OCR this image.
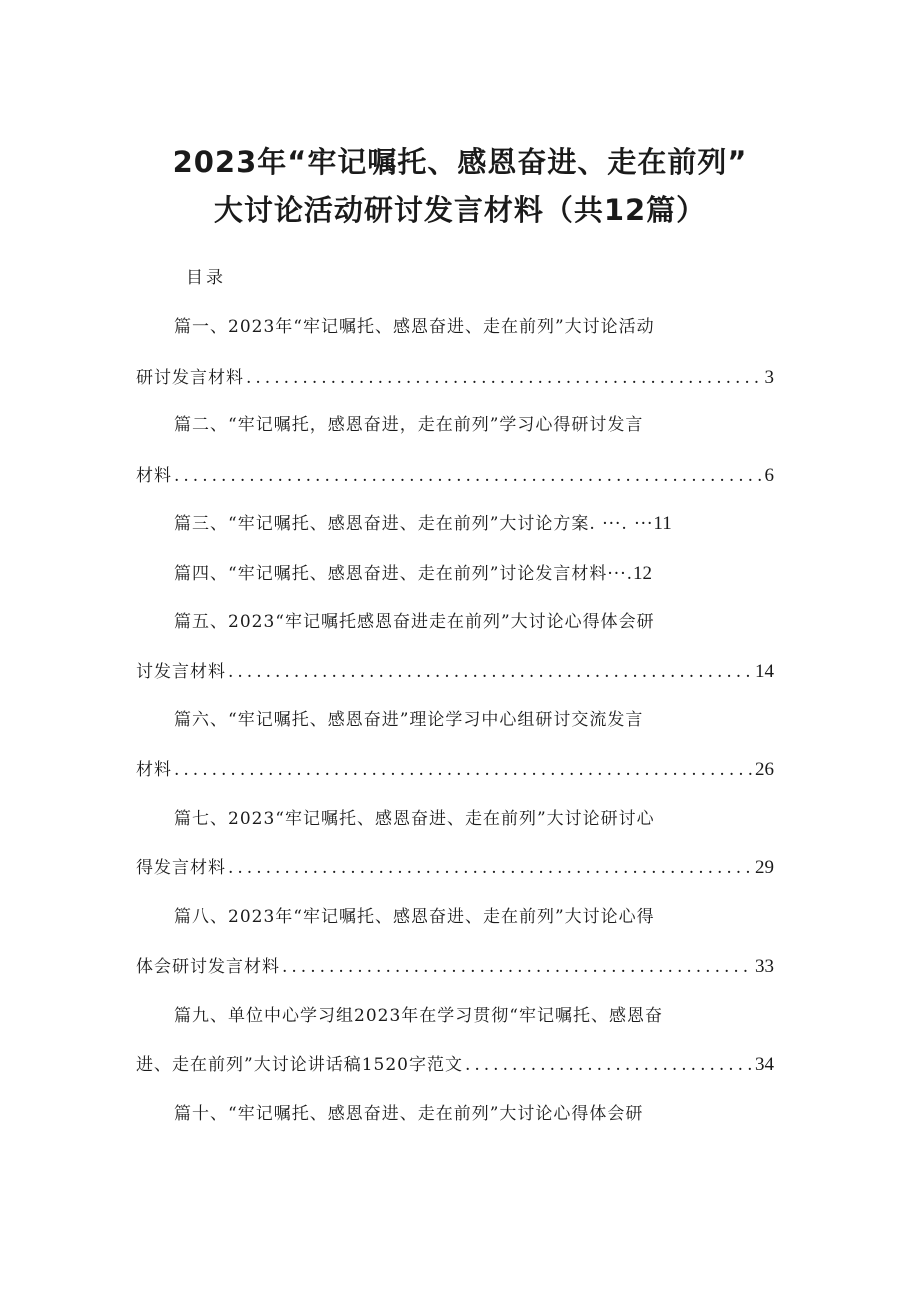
2023年“牢记嘱托、感恩奋进、走在前列”
大讨论活动研讨发言材料（共12篇）
目录
篇一、2023年“牢记嘱托、感恩奋进、走在前列”大讨论活动
研讨发言材料 .....	3
篇二、“牢记嘱托，感恩奋进，走在前列”学习心得研讨发言
材料 .....	6
篇三、“牢记嘱托、感恩奋进、走在前列”大讨论方案. ···. ···11
篇四、“牢记嘱托、感恩奋进、走在前列”讨论发言材料···.12
篇五、2023“牢记嘱托感恩奋进走在前列”大讨论心得体会研
讨发言材料 .....	14
篇六、“牢记嘱托、感恩奋进”理论学习中心组研讨交流发言
材料 .....	26
篇七、2023“牢记嘱托、感恩奋进、走在前列”大讨论研讨心
得发言材料 .....	29
篇八、2023年“牢记嘱托、感恩奋进、走在前列”大讨论心得
体会研讨发言材料 .....	33
篇九、单位中心学习组2023年在学习贯彻“牢记嘱托、感恩奋
进、走在前列”大讨论讲话稿1520字范文 .....	34
篇十、“牢记嘱托、感恩奋进、走在前列”大讨论心得体会研
